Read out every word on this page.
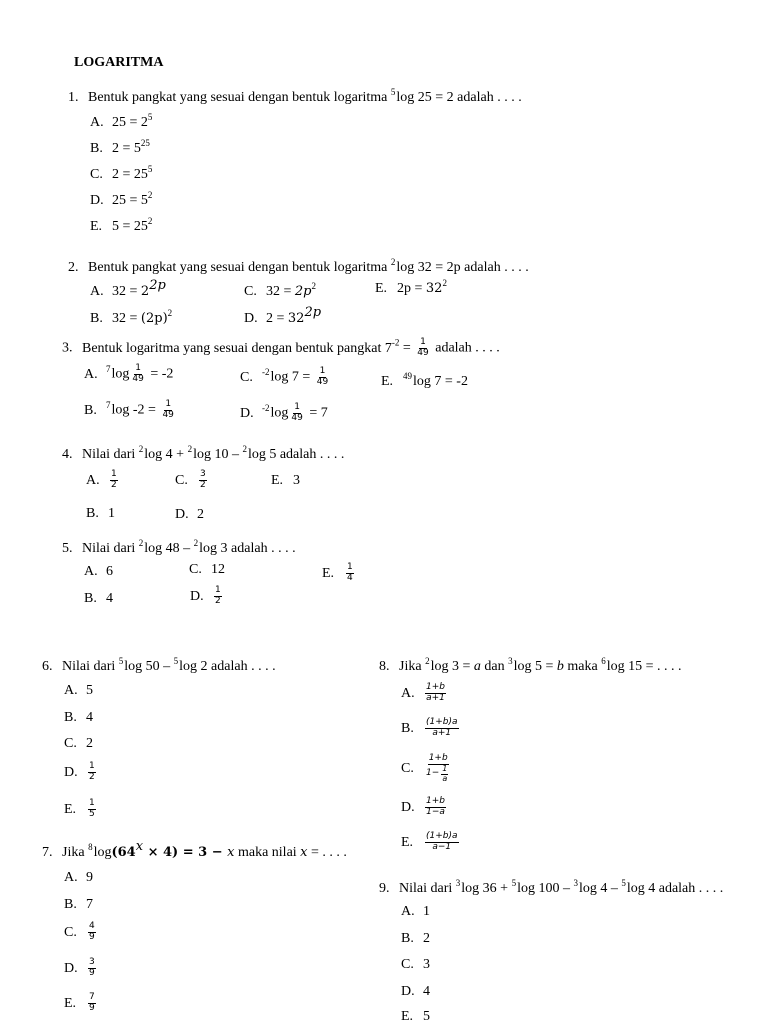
LOGARITMA
1. Bentuk pangkat yang sesuai dengan bentuk logaritma $^5$log 25 = 2 adalah . . . .
A. $25 = 2^5$
B. $2 = 5^{25}$
C. $2 = 25^5$
D. $25 = 5^2$
E. $5 = 25^2$
2. Bentuk pangkat yang sesuai dengan bentuk logaritma $^2$log 32 = 2p adalah . . . .
A. $32 = 2^{2p}$	C. $32 = 2p^2$	E. $2p = 32^2$
B. $32 = (2p)^2$	D. $2 = 32^{2p}$
3. Bentuk logaritma yang sesuai dengan bentuk pangkat $7^{-2} = \frac{1}{49}$ adalah . . . .
A. $^7\log \frac{1}{49} = -2$	C. $^{-2}$log $7 = \frac{1}{49}$	E. $^{49}$log 7 = -2
B. $^7$log $-2 = \frac{1}{49}$	D. $^{-2}\log \frac{1}{49} = 7$
4. Nilai dari $^2$log 4 + $^2$log 10 – $^2$log 5 adalah . . . .
A. $\frac{1}{2}$	C. $\frac{3}{2}$	E. 3
B. 1	D. 2
5. Nilai dari $^2$log 48 – $^2$log 3 adalah . . . .
A. 6	C. 12	E. $\frac{1}{4}$
B. 4	D. $\frac{1}{2}$
6. Nilai dari $^5$log 50 – $^5$log 2 adalah . . . .
A. 5
B. 4
C. 2
D. $\frac{1}{2}$
E. $\frac{1}{5}$
7. Jika $^8\log(64^x \times 4) = 3 - x$ maka nilai x = . . . .
A. 9
B. 7
C. $\frac{4}{9}$
D. $\frac{3}{9}$
E. $\frac{7}{9}$
8. Jika $^2$log 3 = a dan $^3$log 5 = b maka $^6$log 15 = . . . .
A. $\frac{1+b}{a+1}$
B. $\frac{(1+b)a}{a+1}$
C. $\frac{1+b}{1- \frac{1}{a}}$
D. $\frac{1+b}{1-a}$
E. $\frac{(1+b)a}{a-1}$
9. Nilai dari $^3$log 36 + $^5$log 100 – $^3$log 4 – $^5$log 4 adalah . . . .
A. 1
B. 2
C. 3
D. 4
E. 5
